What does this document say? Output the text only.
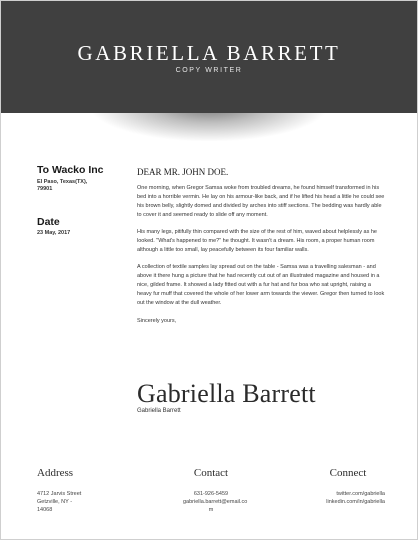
GABRIELLA BARRETT
COPY WRITER
To Wacko Inc
El Paso, Texas(TX),
79901
Date
23 May, 2017
DEAR MR. JOHN DOE.
One morning, when Gregor Samsa woke from troubled dreams, he found himself transformed in his bed into a horrible vermin. He lay on his armour-like back, and if he lifted his head a little he could see his brown belly, slightly domed and divided by arches into stiff sections. The bedding was hardly able to cover it and seemed ready to slide off any moment.
His many legs, pitifully thin compared with the size of the rest of him, waved about helplessly as he looked. "What's happened to me?" he thought. It wasn't a dream. His room, a proper human room although a little too small, lay peacefully between its four familiar walls.
A collection of textile samples lay spread out on the table - Samsa was a travelling salesman - and above it there hung a picture that he had recently cut out of an illustrated magazine and housed in a nice, gilded frame. It showed a lady fitted out with a fur hat and fur boa who sat upright, raising a heavy fur muff that covered the whole of her lower arm towards the viewer. Gregor then turned to look out the window at the dull weather.
Sincerely yours,
Gabriella Barrett
Gabriella Barrett
Address
4712 Jarvis Street
Getzville, NY -
14068
Contact
631-926-5459
gabriella.barrett@email.co
m
Connect
twitter.com/gabriella
linkedin.com/in/gabriella
